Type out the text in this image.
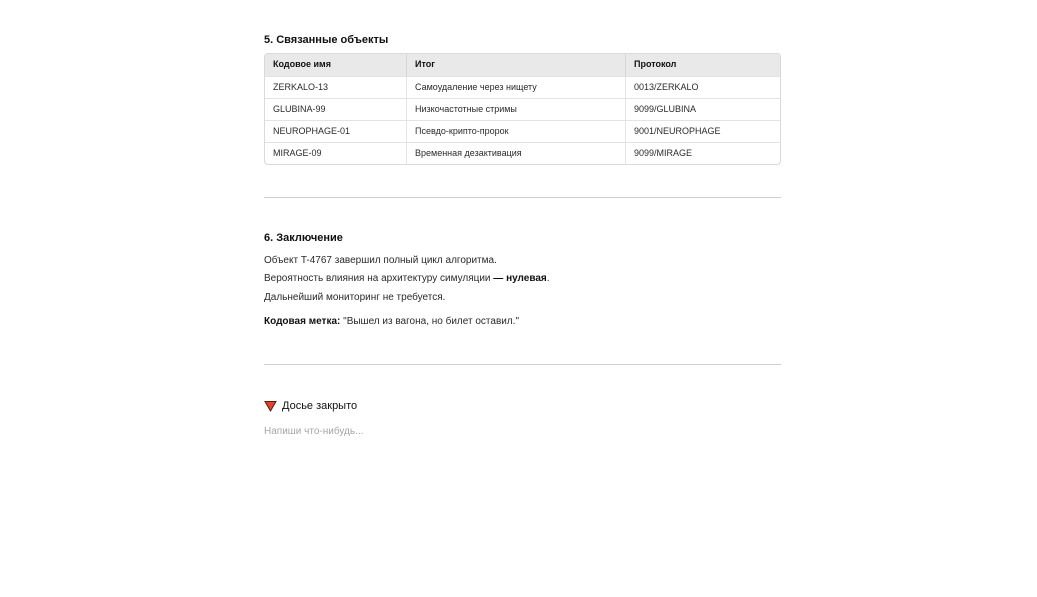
5. Связанные объекты
Кодовое имя	Итог	Протокол
ZERKALO-13	Самоудаление через нищету	0013/ZERKALO
GLUBINA-99	Низкочастотные стримы	9099/GLUBINA
NEUROPHAGE-01	Псевдо-крипто-пророк	9001/NEUROPHAGE
MIRAGE-09	Временная дезактивация	9099/MIRAGE
6. Заключение
Объект T-4767 завершил полный цикл алгоритма.
Вероятность влияния на архитектуру симуляции — нулевая.
Дальнейший мониторинг не требуется.
Кодовая метка: "Вышел из вагона, но билет оставил."
Досье закрыто
Напиши что-нибудь...
